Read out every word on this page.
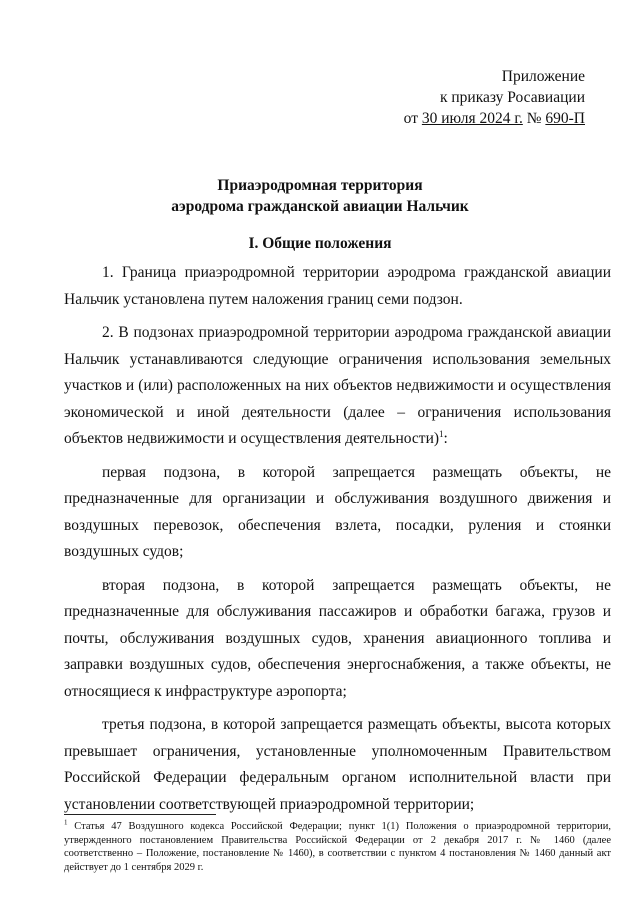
Приложение
к приказу Росавиации
от 30 июля 2024 г. № 690-П
Приаэродромная территория
аэродрома гражданской авиации Нальчик
I. Общие положения

1. Граница приаэродромной территории аэродрома гражданской авиации Нальчик установлена путем наложения границ семи подзон.

2. В подзонах приаэродромной территории аэродрома гражданской авиации Нальчик устанавливаются следующие ограничения использования земельных участков и (или) расположенных на них объектов недвижимости и осуществления экономической и иной деятельности (далее – ограничения использования объектов недвижимости и осуществления деятельности)$^1$:

первая подзона, в которой запрещается размещать объекты, не предназначенные для организации и обслуживания воздушного движения и воздушных перевозок, обеспечения взлета, посадки, руления и стоянки воздушных судов;

вторая подзона, в которой запрещается размещать объекты, не предназначенные для обслуживания пассажиров и обработки багажа, грузов и почты, обслуживания воздушных судов, хранения авиационного топлива и заправки воздушных судов, обеспечения энергоснабжения, а также объекты, не относящиеся к инфраструктуре аэропорта;

третья подзона, в которой запрещается размещать объекты, высота которых превышает ограничения, установленные уполномоченным Правительством Российской Федерации федеральным органом исполнительной власти при установлении соответствующей приаэродромной территории;

$^1$ Статья 47 Воздушного кодекса Российской Федерации; пункт 1(1) Положения о приаэродромной территории, утвержденного постановлением Правительства Российской Федерации от 2 декабря 2017 г. № 1460 (далее соответственно – Положение, постановление № 1460), в соответствии с пунктом 4 постановления № 1460 данный акт действует до 1 сентября 2029 г.
